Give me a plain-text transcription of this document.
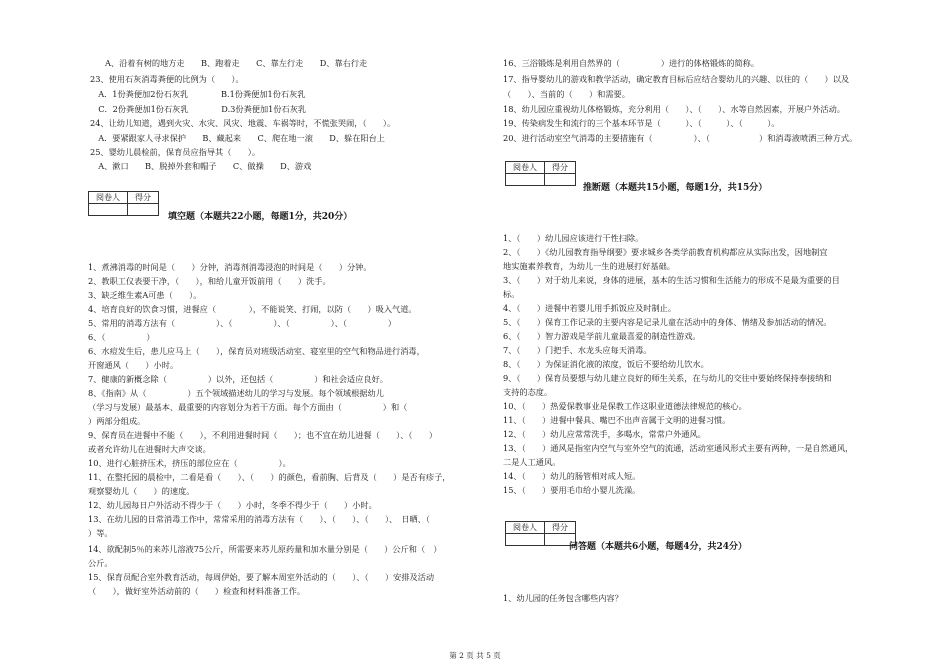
A、沿着有树的地方走　　B、跑着走　　C、靠左行走　　D、靠右行走
23、使用石灰消毒粪便的比例为（　　）。
　A．1份粪便加2份石灰乳　　　　B.1份粪便加1份石灰乳
　C．2份粪便加1份石灰乳　　　　D.3份粪便加1份石灰乳
24、让幼儿知道，遇到火灾、水灾、风灾、地震、车祸等时，不慌张哭闹，（　　）。
　A．要紧跟家人寻求保护　　B、藏起来　　C、爬在地一滚　　D、躲在阳台上
25、婴幼儿晨检前，保育员应指导其（　　）。
　A、漱口　　B、脱掉外套和帽子　　C、做操　　D、游戏
阅卷人	得分

填空题（本题共22小题，每题1分，共20分）
1、煮沸消毒的时间是（　　）分钟，消毒剂消毒浸泡的时间是（　　）分钟。
2、教职工仪表要干净，（　　），和给儿童开饭前用（　　）洗手。
3、缺乏维生素A可患（　　）。
4、培育良好的饮食习惯，进餐应（　　　　），不能说笑、打闹，以防（　　）吸入气道。
5、常用的消毒方法有（　　　　　）、（　　　　　）、（　　　　　）、（　　　　　）
6、（　　　　　）
6、水痘发生后，患儿应马上（　　），保育员对班级活动室、寝室里的空气和物品进行消毒，
开窗通风（　　）小时。
7、健康的新概念除（　　　　　）以外，还包括（　　　　　）和社会适应良好。
8、《指南》从（　　　　　）五个领域描述幼儿的学习与发展。每个领域根据幼儿
（学习与发展）最基本、最重要的内容划分为若干方面。每个方面由（　　　　　）和（
）两部分组成。
9、保育员在进餐中不能（　　），不利用进餐时间（　　）；也不宜在幼儿进餐（　　）、（　　）
或者允许幼儿在进餐时大声交谈。
10、进行心脏挤压术，挤压的部位应在（　　　　　）。
11、在整托园的晨检中，二看是看（　　）、（　　）的颜色，看前胸、后背及（　　）是否有疹子，
观察婴幼儿（　　）的速度。
12、幼儿园每日户外活动不得少于（　　）小时，冬季不得少于（　　）小时。
13、在幼儿园的日常消毒工作中，常常采用的消毒方法有（　　）、（　　）、（　　）、　日晒、（
）等。
14、欲配制5％的来苏儿溶液75公斤，所需要来苏儿原药量和加水量分别是（　　）公斤和（　）
公斤。
15、保育员配合室外教育活动，每周伊始，要了解本周室外活动的（　　）、（　　）安排及活动
（　　），做好室外活动前的（　　）检查和材料准备工作。
16、三浴锻炼是利用自然界的（　　　　　）进行的体格锻炼的简称。
17、指导婴幼儿的游戏和教学活动，确定教育目标后应结合婴幼儿的兴趣、以往的（　　）以及
（　　）、当前的（　　）和需要。
18、幼儿园应重视幼儿体格锻炼，充分利用（　　）、（　　）、水等自然因素，开展户外活动。
19、传染病发生和流行的三个基本环节是（　　　）、（　　　）、（　　　）。
20、进行活动室空气消毒的主要措施有（　　　　　）、（　　　　　　）和消毒液喷洒三种方式。
阅卷人	得分

推断题（本题共15小题，每题1分，共15分）
1、（　　）幼儿园应该进行干性扫除。
2、（　　）《幼儿园教育指导纲要》要求城乡各类学前教育机构都应从实际出发，因地制宜
地实施素养教育，为幼儿一生的进展打好基础。
3、（　　）对于幼儿来说，身体的进展，基本的生活习惯和生活能力的形成不是最为重要的目
标。
4、（　　）进餐中若婴儿用手抓饭应及时制止。
5、（　　）保育工作记录的主要内容是记录儿童在活动中的身体、情绪及参加活动的情况。
6、（　　）智力游戏是学前儿童最喜爱的制造性游戏。
7、（　　）门把手、水龙头应每天消毒。
8、（　　）为保证消化液的浓度，饭后不要给幼儿饮水。
9、（　　）保育员要想与幼儿建立良好的师生关系，在与幼儿的交往中要始终保持奉接纳和
支持的态度。
10、（　　）热爱保教事业是保教工作这职业道德法律规范的核心。
11、（　　）进餐中餐具、嘴巴不出声音属于文明的进餐习惯。
12、（　　）幼儿应常常洗手，多喝水，常常户外通风。
13、（　　）通风是指室内空气与室外空气的流通，活动室通风形式主要有两种，一是自然通风，
二是人工通风。
14、（　　）幼儿的肠管相对成人短。
15、（　　）要用毛巾给小婴儿洗澡。
阅卷人	得分

问答题（本题共6小题，每题4分，共24分）
1、幼儿园的任务包含哪些内容？
第 2 页 共 5 页
